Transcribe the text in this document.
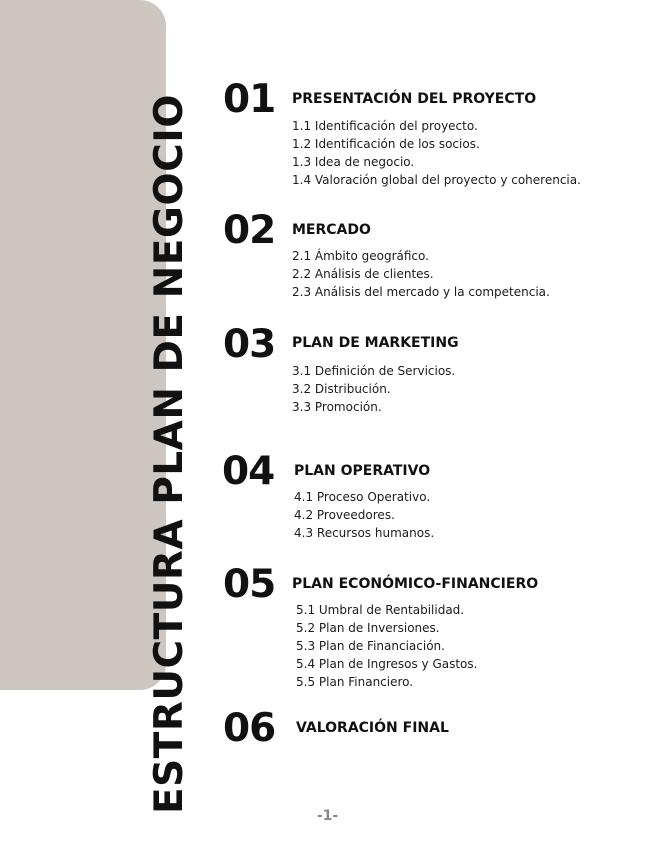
ESTRUCTURA PLAN DE NEGOCIO 01 PRESENTACIÓN DEL PROYECTO
1.1 Identificación del proyecto.
1.2 Identificación de los socios.
1.3 Idea de negocio.
1.4 Valoración global del proyecto y coherencia.
02 MERCADO
2.1 Ámbito geográfico.
2.2 Análisis de clientes.
2.3 Análisis del mercado y la competencia.
03 PLAN DE MARKETING
3.1 Definición de Servicios.
3.2 Distribución.
3.3 Promoción.
04 PLAN OPERATIVO
4.1 Proceso Operativo.
4.2 Proveedores.
4.3 Recursos humanos.
05 PLAN ECONÓMICO-FINANCIERO
5.1 Umbral de Rentabilidad.
5.2 Plan de Inversiones.
5.3 Plan de Financiación.
5.4 Plan de Ingresos y Gastos.
5.5 Plan Financiero.
06 VALORACIÓN FINAL
-1-
